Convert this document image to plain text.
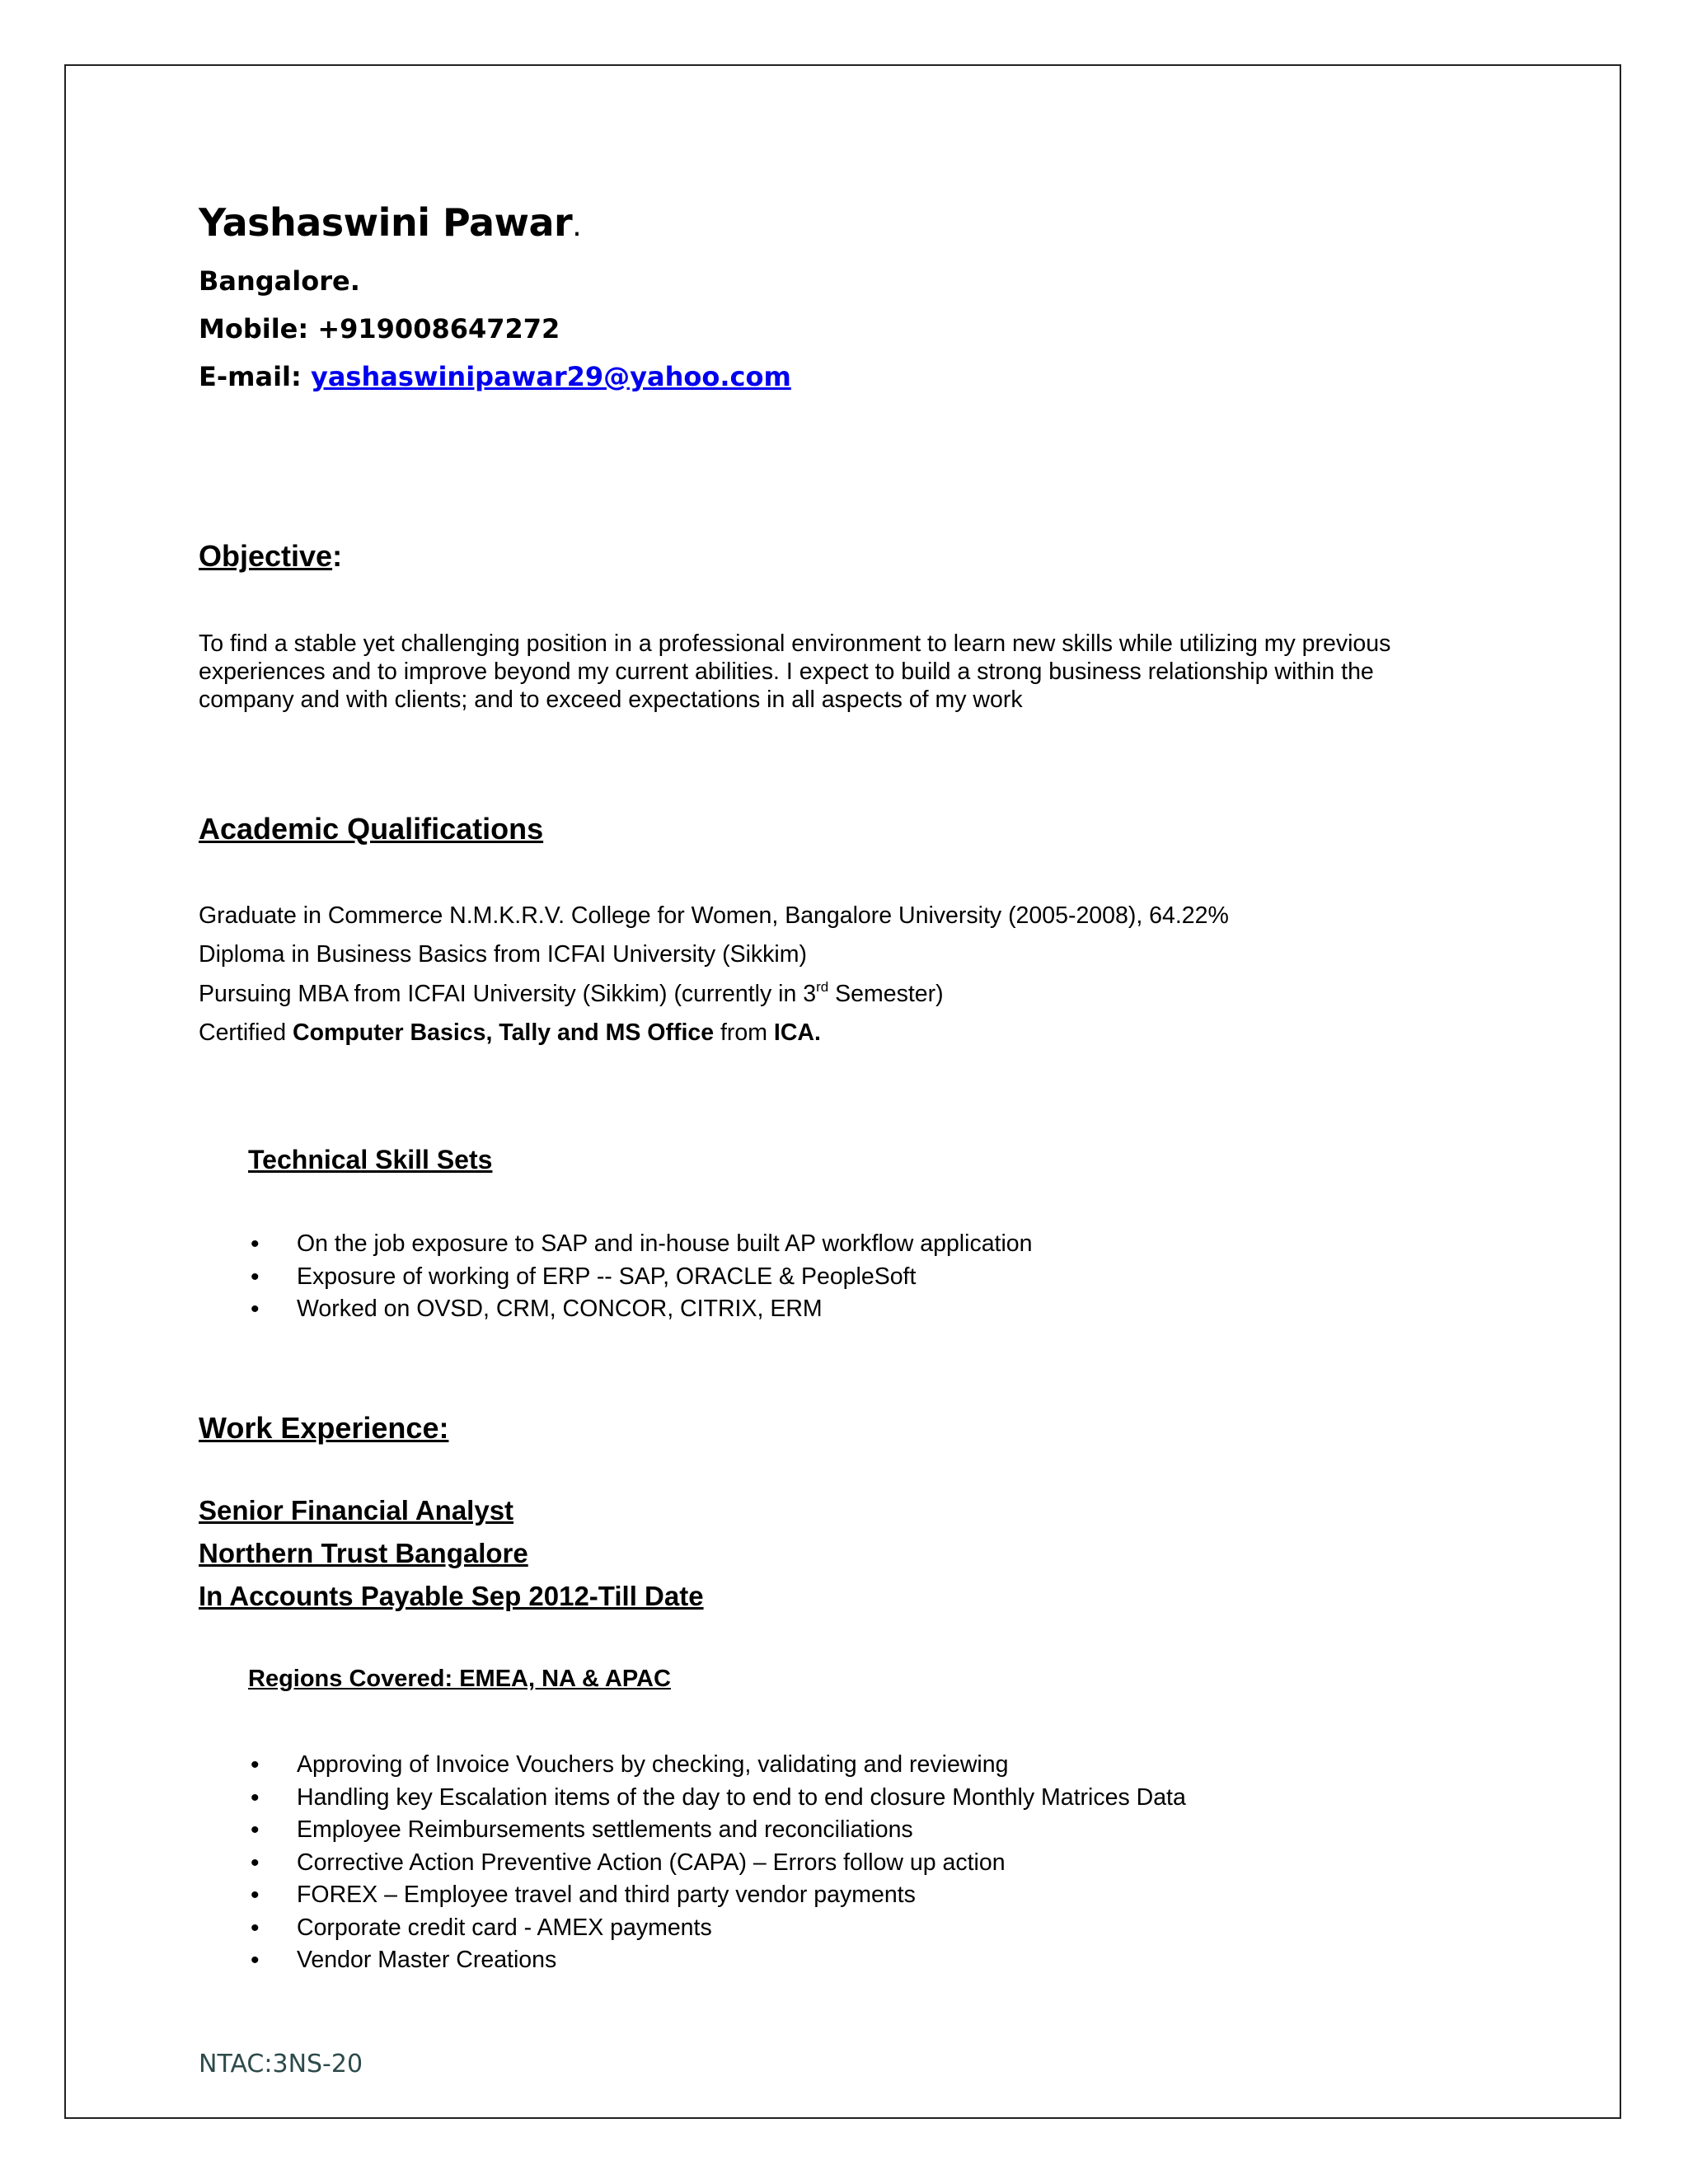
Yashaswini Pawar.
Bangalore.
Mobile: +919008647272
E-mail: yashaswinipawar29@yahoo.com
Objective:
To find a stable yet challenging position in a professional environment to learn new skills while utilizing my previous experiences and to improve beyond my current abilities. I expect to build a strong business relationship within the company and with clients; and to exceed expectations in all aspects of my work
Academic Qualifications
Graduate in Commerce N.M.K.R.V. College for Women, Bangalore University (2005-2008), 64.22%
Diploma in Business Basics from ICFAI University (Sikkim)
Pursuing MBA from ICFAI University (Sikkim) (currently in 3rd Semester)
Certified Computer Basics, Tally and MS Office from ICA.
Technical Skill Sets
• On the job exposure to SAP and in-house built AP workflow application
• Exposure of working of ERP -- SAP, ORACLE & PeopleSoft
• Worked on OVSD, CRM, CONCOR, CITRIX, ERM
Work Experience:
Senior Financial Analyst
Northern Trust Bangalore
In Accounts Payable Sep 2012-Till Date
Regions Covered: EMEA, NA & APAC
• Approving of Invoice Vouchers by checking, validating and reviewing
• Handling key Escalation items of the day to end to end closure Monthly Matrices Data
• Employee Reimbursements settlements and reconciliations
• Corrective Action Preventive Action (CAPA) – Errors follow up action
• FOREX – Employee travel and third party vendor payments
• Corporate credit card - AMEX payments
• Vendor Master Creations
NTAC:3NS-20
